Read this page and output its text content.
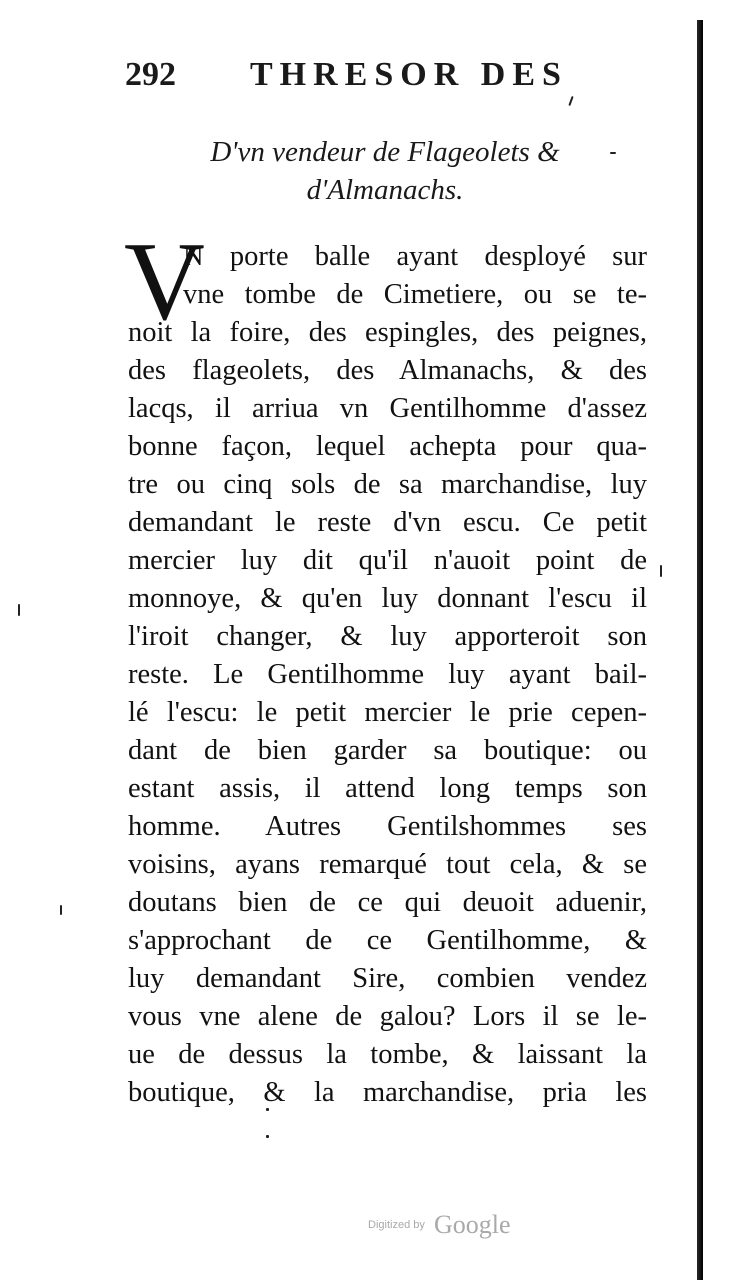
292 THRESOR DES
D'vn vendeur de Flageolets &
d'Almanachs.
V
N porte balle ayant desployé sur
vne tombe de Cimetiere, ou se te-
noit la foire, des espingles, des peignes,
des flageolets, des Almanachs, & des
lacqs, il arriua vn Gentilhomme d'assez
bonne façon, lequel achepta pour qua-
tre ou cinq sols de sa marchandise, luy
demandant le reste d'vn escu. Ce petit
mercier luy dit qu'il n'auoit point de
monnoye, & qu'en luy donnant l'escu il
l'iroit changer, & luy apporteroit son
reste. Le Gentilhomme luy ayant bail-
lé l'escu: le petit mercier le prie cepen-
dant de bien garder sa boutique: ou
estant assis, il attend long temps son
homme. Autres Gentilshommes ses
voisins, ayans remarqué tout cela, & se
doutans bien de ce qui deuoit aduenir,
s'approchant de ce Gentilhomme, &
luy demandant Sire, combien vendez
vous vne alene de galou? Lors il se le-
ue de dessus la tombe, & laissant la
boutique, & la marchandise, pria les
Digitized by Google
